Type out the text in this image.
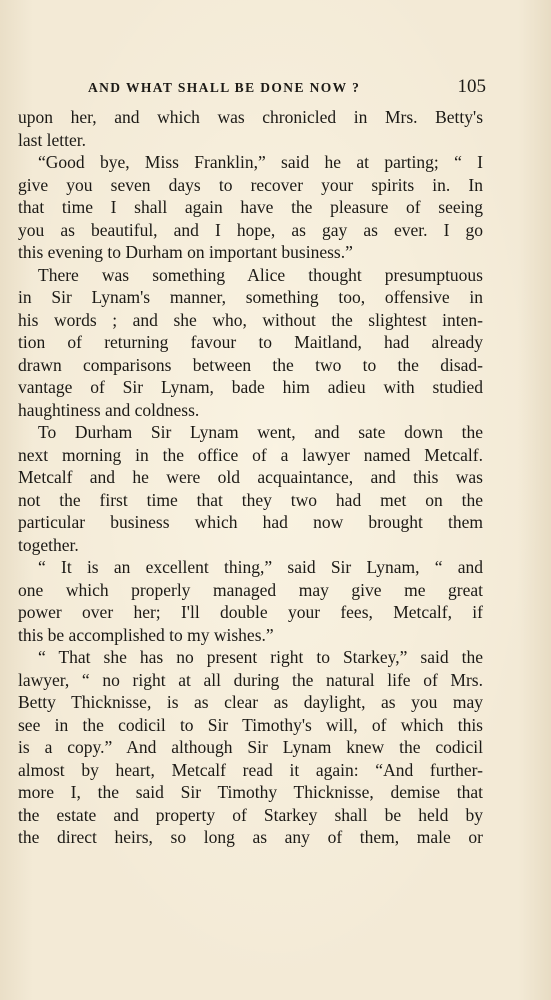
AND WHAT SHALL BE DONE NOW ?	105
upon her, and which was chronicled in Mrs. Betty's
last letter.
“Good bye, Miss Franklin,” said he at parting; “ I
give you seven days to recover your spirits in. In
that time I shall again have the pleasure of seeing
you as beautiful, and I hope, as gay as ever. I go
this evening to Durham on important business.”
There was something Alice thought presumptuous
in Sir Lynam's manner, something too, offensive in
his words ; and she who, without the slightest inten-
tion of returning favour to Maitland, had already
drawn comparisons between the two to the disad-
vantage of Sir Lynam, bade him adieu with studied
haughtiness and coldness.
To Durham Sir Lynam went, and sate down the
next morning in the office of a lawyer named Metcalf.
Metcalf and he were old acquaintance, and this was
not the first time that they two had met on the
particular business which had now brought them
together.
“ It is an excellent thing,” said Sir Lynam, “ and
one which properly managed may give me great
power over her; I'll double your fees, Metcalf, if
this be accomplished to my wishes.”
“ That she has no present right to Starkey,” said the
lawyer, “ no right at all during the natural life of Mrs.
Betty Thicknisse, is as clear as daylight, as you may
see in the codicil to Sir Timothy's will, of which this
is a copy.” And although Sir Lynam knew the codicil
almost by heart, Metcalf read it again: “And further-
more I, the said Sir Timothy Thicknisse, demise that
the estate and property of Starkey shall be held by
the direct heirs, so long as any of them, male or
